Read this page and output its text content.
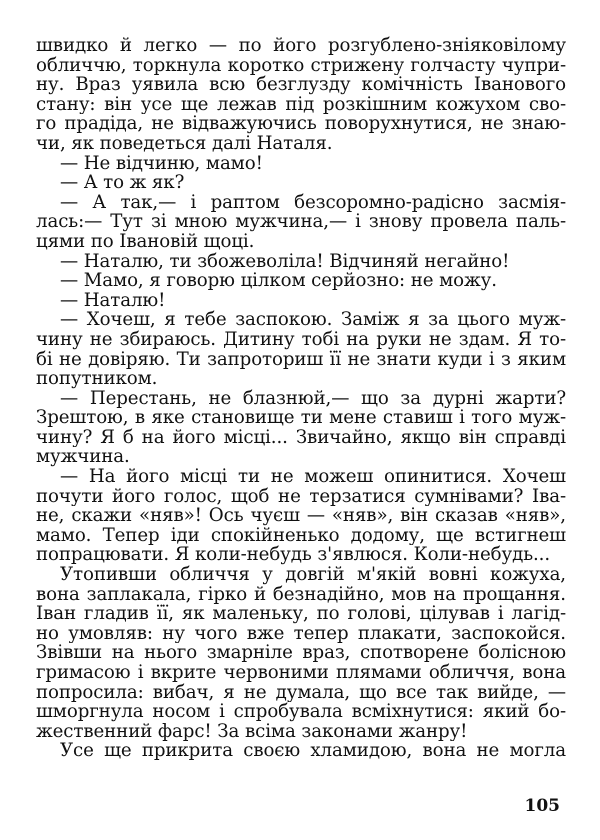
швидко й легко — по його розгублено-зніяковілому
обличчю, торкнула коротко стрижену голчасту чупри-
ну. Враз уявила всю безглузду комічність Іванового
стану: він усе ще лежав під розкішним кожухом сво-
го прадіда, не відважуючись поворухнутися, не знаю-
чи, як поведеться далі Наталя.
— Не відчиню, мамо!
— А то ж як?
— А так,— і раптом безсоромно-радісно засмія-
лась:— Тут зі мною мужчина,— і знову провела паль-
цями по Івановій щоці.
— Наталю, ти збожеволіла! Відчиняй негайно!
— Мамо, я говорю цілком серйозно: не можу.
— Наталю!
— Хочеш, я тебе заспокою. Заміж я за цього муж-
чину не збираюсь. Дитину тобі на руки не здам. Я то-
бі не довіряю. Ти запроториш її не знати куди і з яким
попутником.
— Перестань, не блазнюй,— що за дурні жарти?
Зрештою, в яке становище ти мене ставиш і того муж-
чину? Я б на його місці... Звичайно, якщо він справді
мужчина.
— На його місці ти не можеш опинитися. Хочеш
почути його голос, щоб не терзатися сумнівами? Іва-
не, скажи «няв»! Ось чуєш — «няв», він сказав «няв»,
мамо. Тепер іди спокійненько додому, ще встигнеш
попрацювати. Я коли-небудь з'явлюся. Коли-небудь...
Утопивши обличчя у довгій м'якій вовні кожуха,
вона заплакала, гірко й безнадійно, мов на прощання.
Іван гладив її, як маленьку, по голові, цілував і лагід-
но умовляв: ну чого вже тепер плакати, заспокойся.
Звівши на нього змарніле враз, спотворене болісною
гримасою і вкрите червоними плямами обличчя, вона
попросила: вибач, я не думала, що все так вийде, —
шморгнула носом і спробувала всміхнутися: який бо-
жественний фарс! За всіма законами жанру!
Усе ще прикрита своєю хламидою, вона не могла
105
